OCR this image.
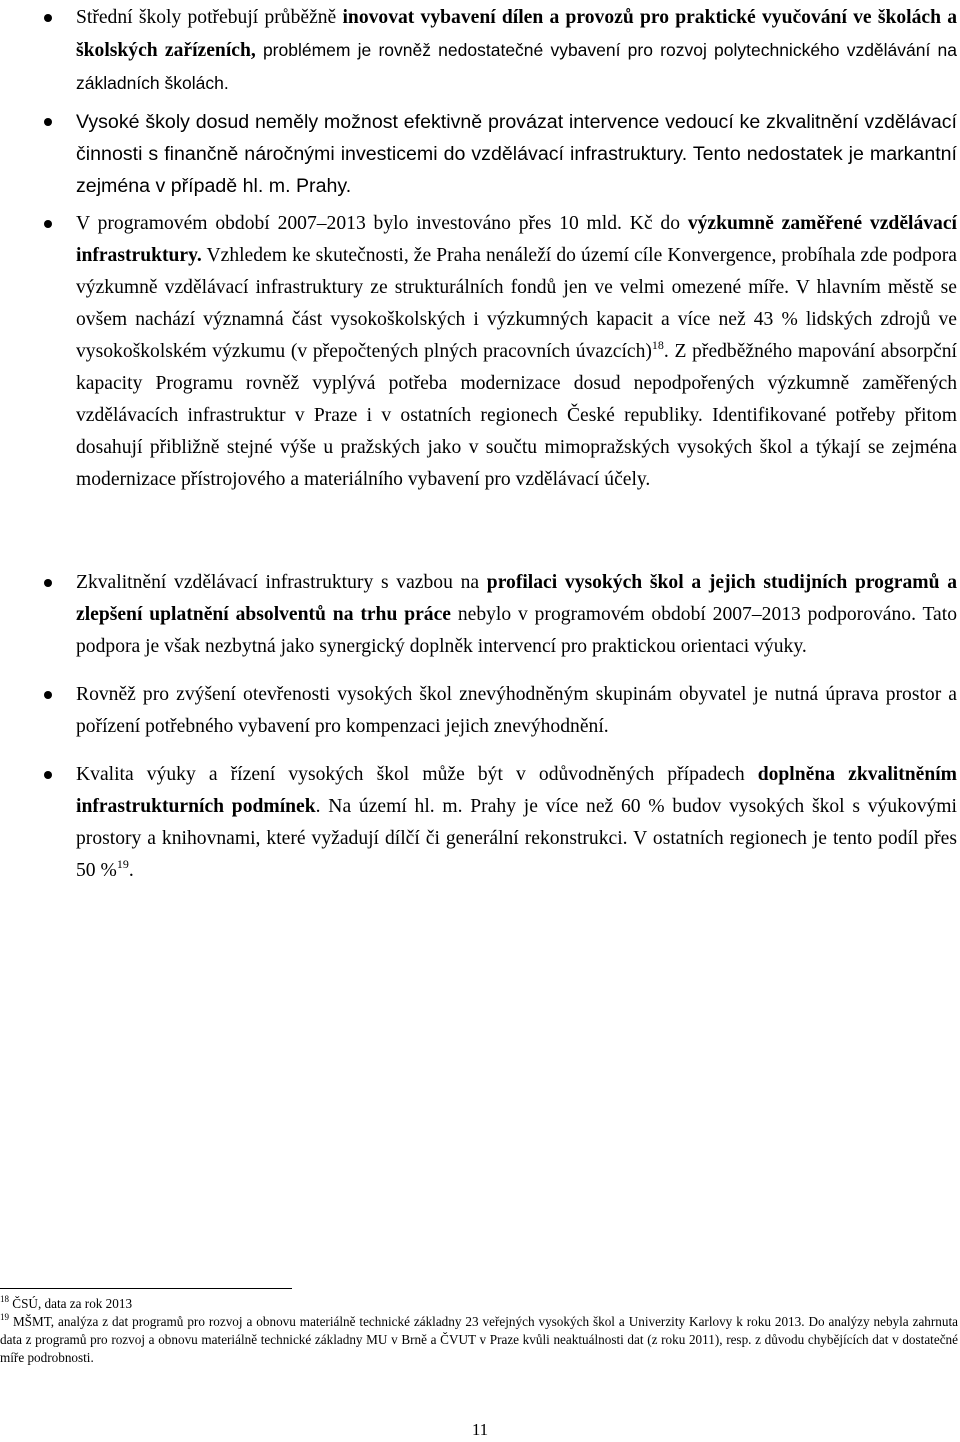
Střední školy potřebují průběžně inovovat vybavení dílen a provozů pro praktické vyučování ve školách a školských zařízeních, problémem je rovněž nedostatečné vybavení pro rozvoj polytechnického vzdělávání na základních školách.
Vysoké školy dosud neměly možnost efektivně provázat intervence vedoucí ke zkvalitnění vzdělávací činnosti s finančně náročnými investicemi do vzdělávací infrastruktury. Tento nedostatek je markantní zejména v případě hl. m. Prahy.
V programovém období 2007–2013 bylo investováno přes 10 mld. Kč do výzkumně zaměřené vzdělávací infrastruktury. Vzhledem ke skutečnosti, že Praha nenáleží do území cíle Konvergence, probíhala zde podpora výzkumně vzdělávací infrastruktury ze strukturálních fondů jen ve velmi omezené míře. V hlavním městě se ovšem nachází významná část vysokoškolských i výzkumných kapacit a více než 43 % lidských zdrojů ve vysokoškolském výzkumu (v přepočtených plných pracovních úvazcích)$^{18}$. Z předběžného mapování absorpční kapacity Programu rovněž vyplývá potřeba modernizace dosud nepodpořených výzkumně zaměřených vzdělávacích infrastruktur v Praze i v ostatních regionech České republiky. Identifikované potřeby přitom dosahují přibližně stejné výše u pražských jako v součtu mimopražských vysokých škol a týkají se zejména modernizace přístrojového a materiálního vybavení pro vzdělávací účely.
Zkvalitnění vzdělávací infrastruktury s vazbou na profilaci vysokých škol a jejich studijních programů a zlepšení uplatnění absolventů na trhu práce nebylo v programovém období 2007–2013 podporováno. Tato podpora je však nezbytná jako synergický doplněk intervencí pro praktickou orientaci výuky.
Rovněž pro zvýšení otevřenosti vysokých škol znevýhodněným skupinám obyvatel je nutná úprava prostor a pořízení potřebného vybavení pro kompenzaci jejich znevýhodnění.
Kvalita výuky a řízení vysokých škol může být v odůvodněných případech doplněna zkvalitněním infrastrukturních podmínek. Na území hl. m. Prahy je více než 60 % budov vysokých škol s výukovými prostory a knihovnami, které vyžadují dílčí či generální rekonstrukci. V ostatních regionech je tento podíl přes 50 %$^{19}$.

$^{18}$ ČSÚ, data za rok 2013

$^{19}$ MŠMT, analýza z dat programů pro rozvoj a obnovu materiálně technické základny 23 veřejných vysokých škol a Univerzity Karlovy k roku 2013. Do analýzy nebyla zahrnuta data z programů pro rozvoj a obnovu materiálně technické základny MU v Brně a ČVUT v Praze kvůli neaktuálnosti dat (z roku 2011), resp. z důvodu chybějících dat v dostatečné míře podrobnosti.

11
